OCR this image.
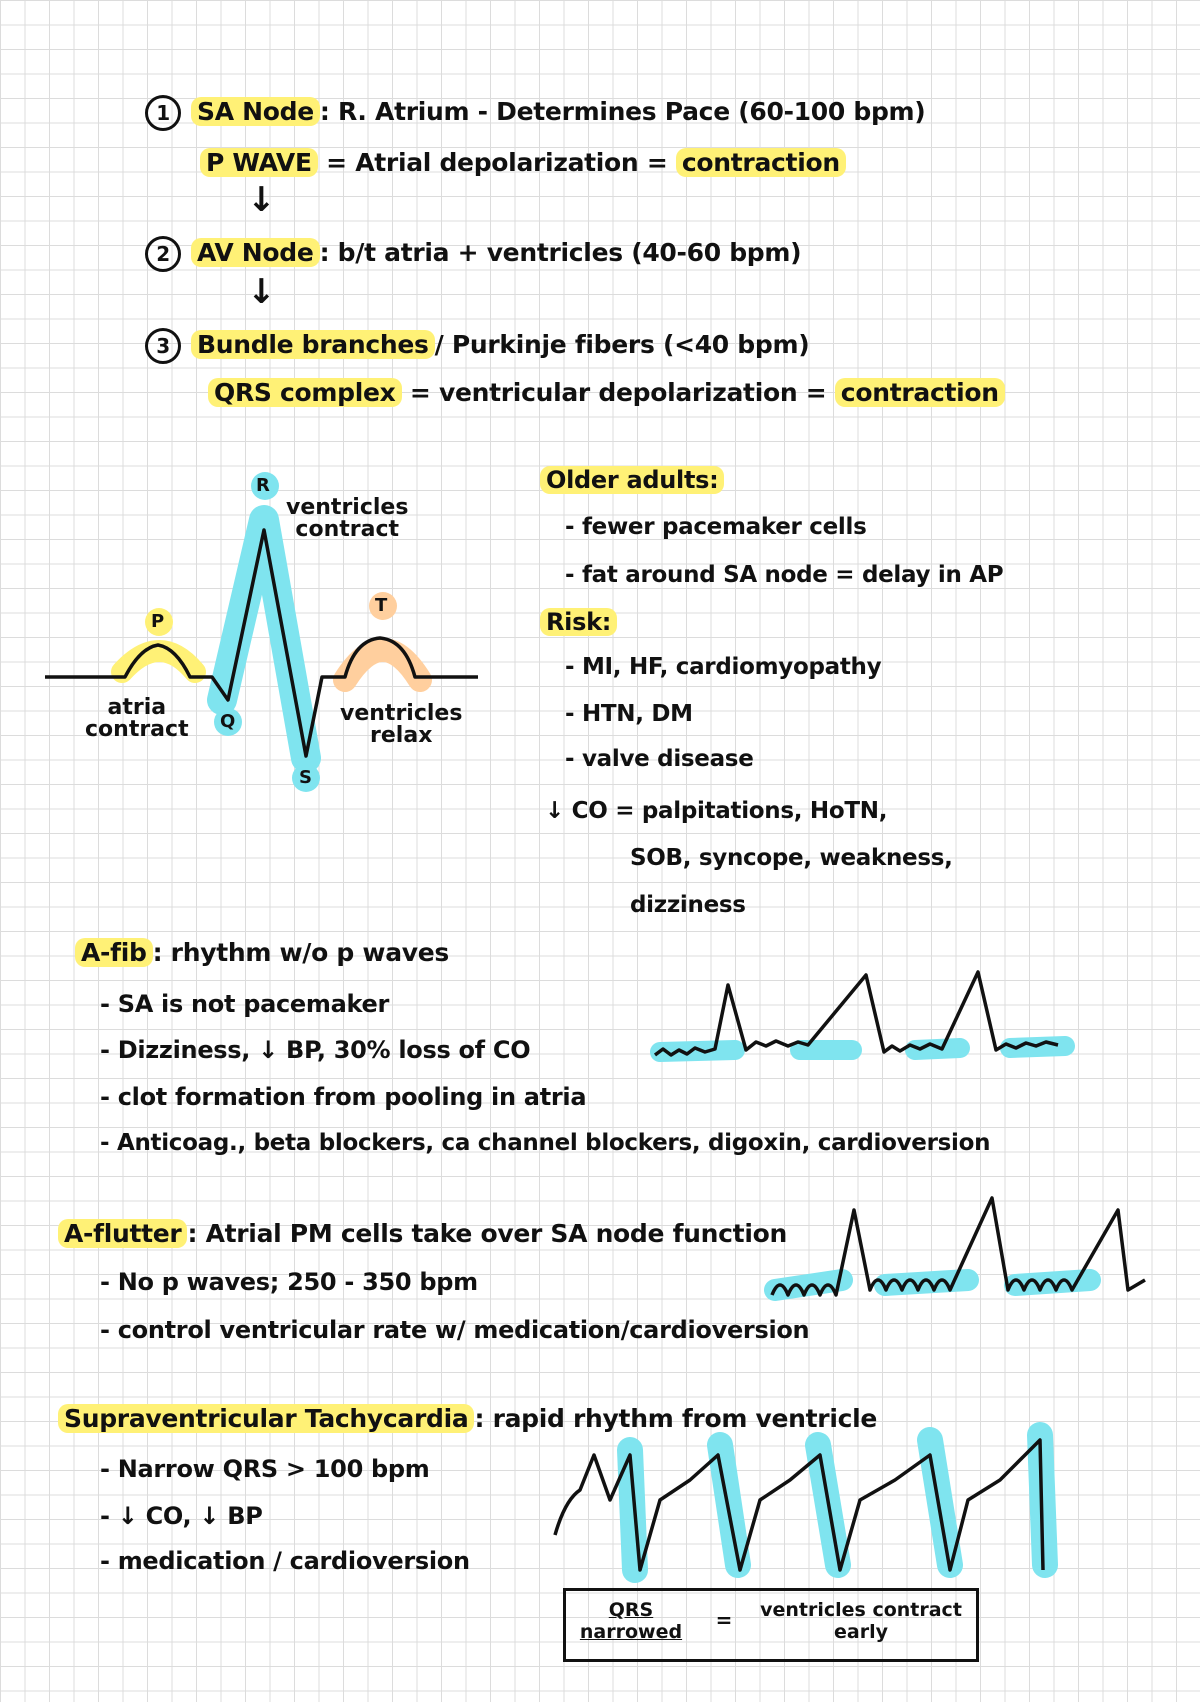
1 SA Node : R. Atrium - Determines Pace (60-100 bpm)
P WAVE = Atrial depolarization = contraction
↓
2 AV Node : b/t atria + ventricles (40-60 bpm)
↓
3 Bundle branches / Purkinje fibers (<40 bpm)
QRS complex = ventricular depolarization = contraction
R
P
T
Q
S
ventricles
contract
atria
contract
ventricles
relax
Older adults:
- fewer pacemaker cells
- fat around SA node = delay in AP
Risk:
- MI, HF, cardiomyopathy
- HTN, DM
- valve disease
↓ CO = palpitations, HoTN,
SOB, syncope, weakness,
dizziness
A-fib : rhythm w/o p waves
- SA is not pacemaker
- Dizziness, ↓ BP, 30% loss of CO
- clot formation from pooling in atria
- Anticoag., beta blockers, ca channel blockers, digoxin, cardioversion
A-flutter : Atrial PM cells take over SA node function
- No p waves; 250 - 350 bpm
- control ventricular rate w/ medication/cardioversion
Supraventricular Tachycardia : rapid rhythm from ventricle
- Narrow QRS > 100 bpm
- ↓ CO, ↓ BP
- medication / cardioversion
QRS
narrowed =	ventricles contract
early
